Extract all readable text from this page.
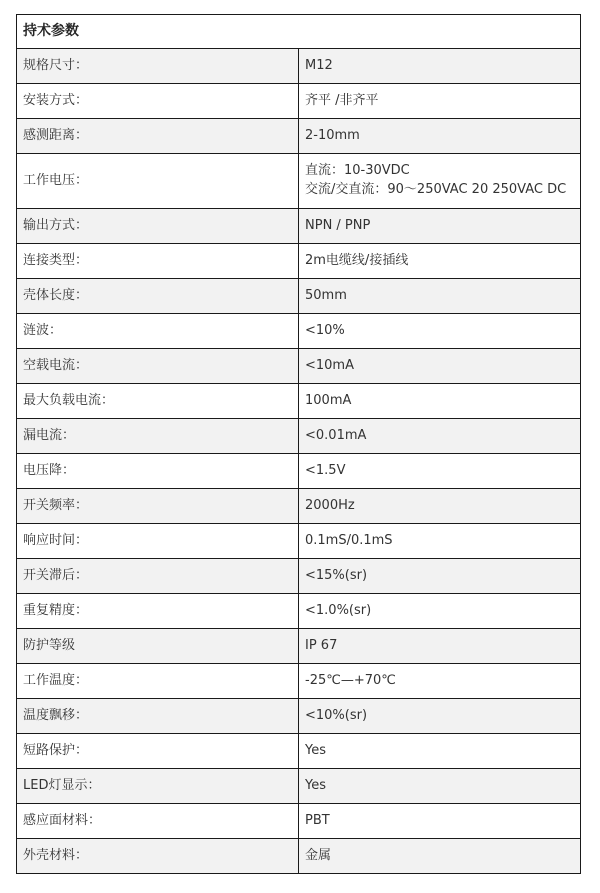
持术参数	
规格尺寸：	M12

安装方式：	齐平 /非齐平

感测距离：	2-10mm

工作电压：	直流：10-30VDC
交流/交直流：90～250VAC 20 250VAC DC

输出方式：	NPN / PNP

连接类型：	2m电缆线/接插线

壳体长度：	50mm

涟波：	<10%

空载电流：	<10mA

最大负载电流：	100mA

漏电流：	<0.01mA

电压降：	<1.5V

开关频率：	2000Hz

响应时间：	0.1mS/0.1mS

开关滞后：	<15%(sr)

重复精度：	<1.0%(sr)

防护等级	IP 67

工作温度：	-25℃—+70℃

温度飘移：	<10%(sr)

短路保护：	Yes

LED灯显示：	Yes

感应面材料：	PBT

外壳材料：	金属
